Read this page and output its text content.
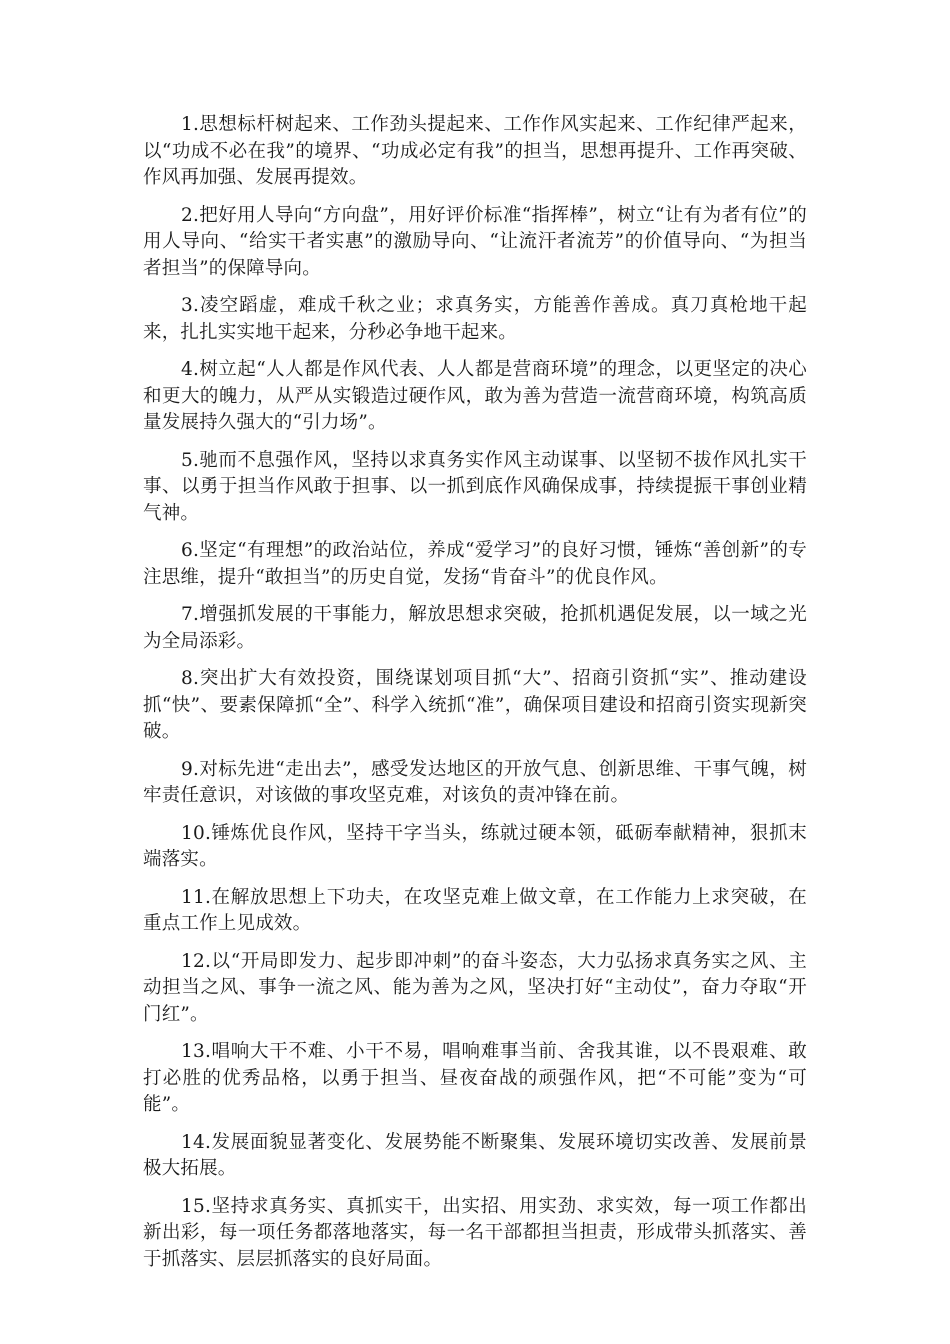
1.思想标杆树起来、工作劲头提起来、工作作风实起来、工作纪律严起来，以“功成不必在我”的境界、“功成必定有我”的担当，思想再提升、工作再突破、作风再加强、发展再提效。

2.把好用人导向“方向盘”，用好评价标准“指挥棒”，树立“让有为者有位”的用人导向、“给实干者实惠”的激励导向、“让流汗者流芳”的价值导向、“为担当者担当”的保障导向。

3.凌空蹈虚，难成千秋之业；求真务实，方能善作善成。真刀真枪地干起来，扎扎实实地干起来，分秒必争地干起来。

4.树立起“人人都是作风代表、人人都是营商环境”的理念，以更坚定的决心和更大的魄力，从严从实锻造过硬作风，敢为善为营造一流营商环境，构筑高质量发展持久强大的“引力场”。

5.驰而不息强作风，坚持以求真务实作风主动谋事、以坚韧不拔作风扎实干事、以勇于担当作风敢于担事、以一抓到底作风确保成事，持续提振干事创业精气神。

6.坚定“有理想”的政治站位，养成“爱学习”的良好习惯，锤炼“善创新”的专注思维，提升“敢担当”的历史自觉，发扬“肯奋斗”的优良作风。

7.增强抓发展的干事能力，解放思想求突破，抢抓机遇促发展，以一域之光为全局添彩。

8.突出扩大有效投资，围绕谋划项目抓“大”、招商引资抓“实”、推动建设抓“快”、要素保障抓“全”、科学入统抓“准”，确保项目建设和招商引资实现新突破。

9.对标先进“走出去”，感受发达地区的开放气息、创新思维、干事气魄，树牢责任意识，对该做的事攻坚克难，对该负的责冲锋在前。

10.锤炼优良作风，坚持干字当头，练就过硬本领，砥砺奉献精神，狠抓末端落实。

11.在解放思想上下功夫，在攻坚克难上做文章，在工作能力上求突破，在重点工作上见成效。

12.以“开局即发力、起步即冲刺”的奋斗姿态，大力弘扬求真务实之风、主动担当之风、事争一流之风、能为善为之风，坚决打好“主动仗”，奋力夺取“开门红”。

13.唱响大干不难、小干不易，唱响难事当前、舍我其谁，以不畏艰难、敢打必胜的优秀品格，以勇于担当、昼夜奋战的顽强作风，把“不可能”变为“可能”。

14.发展面貌显著变化、发展势能不断聚集、发展环境切实改善、发展前景极大拓展。

15.坚持求真务实、真抓实干，出实招、用实劲、求实效，每一项工作都出新出彩，每一项任务都落地落实，每一名干部都担当担责，形成带头抓落实、善于抓落实、层层抓落实的良好局面。
